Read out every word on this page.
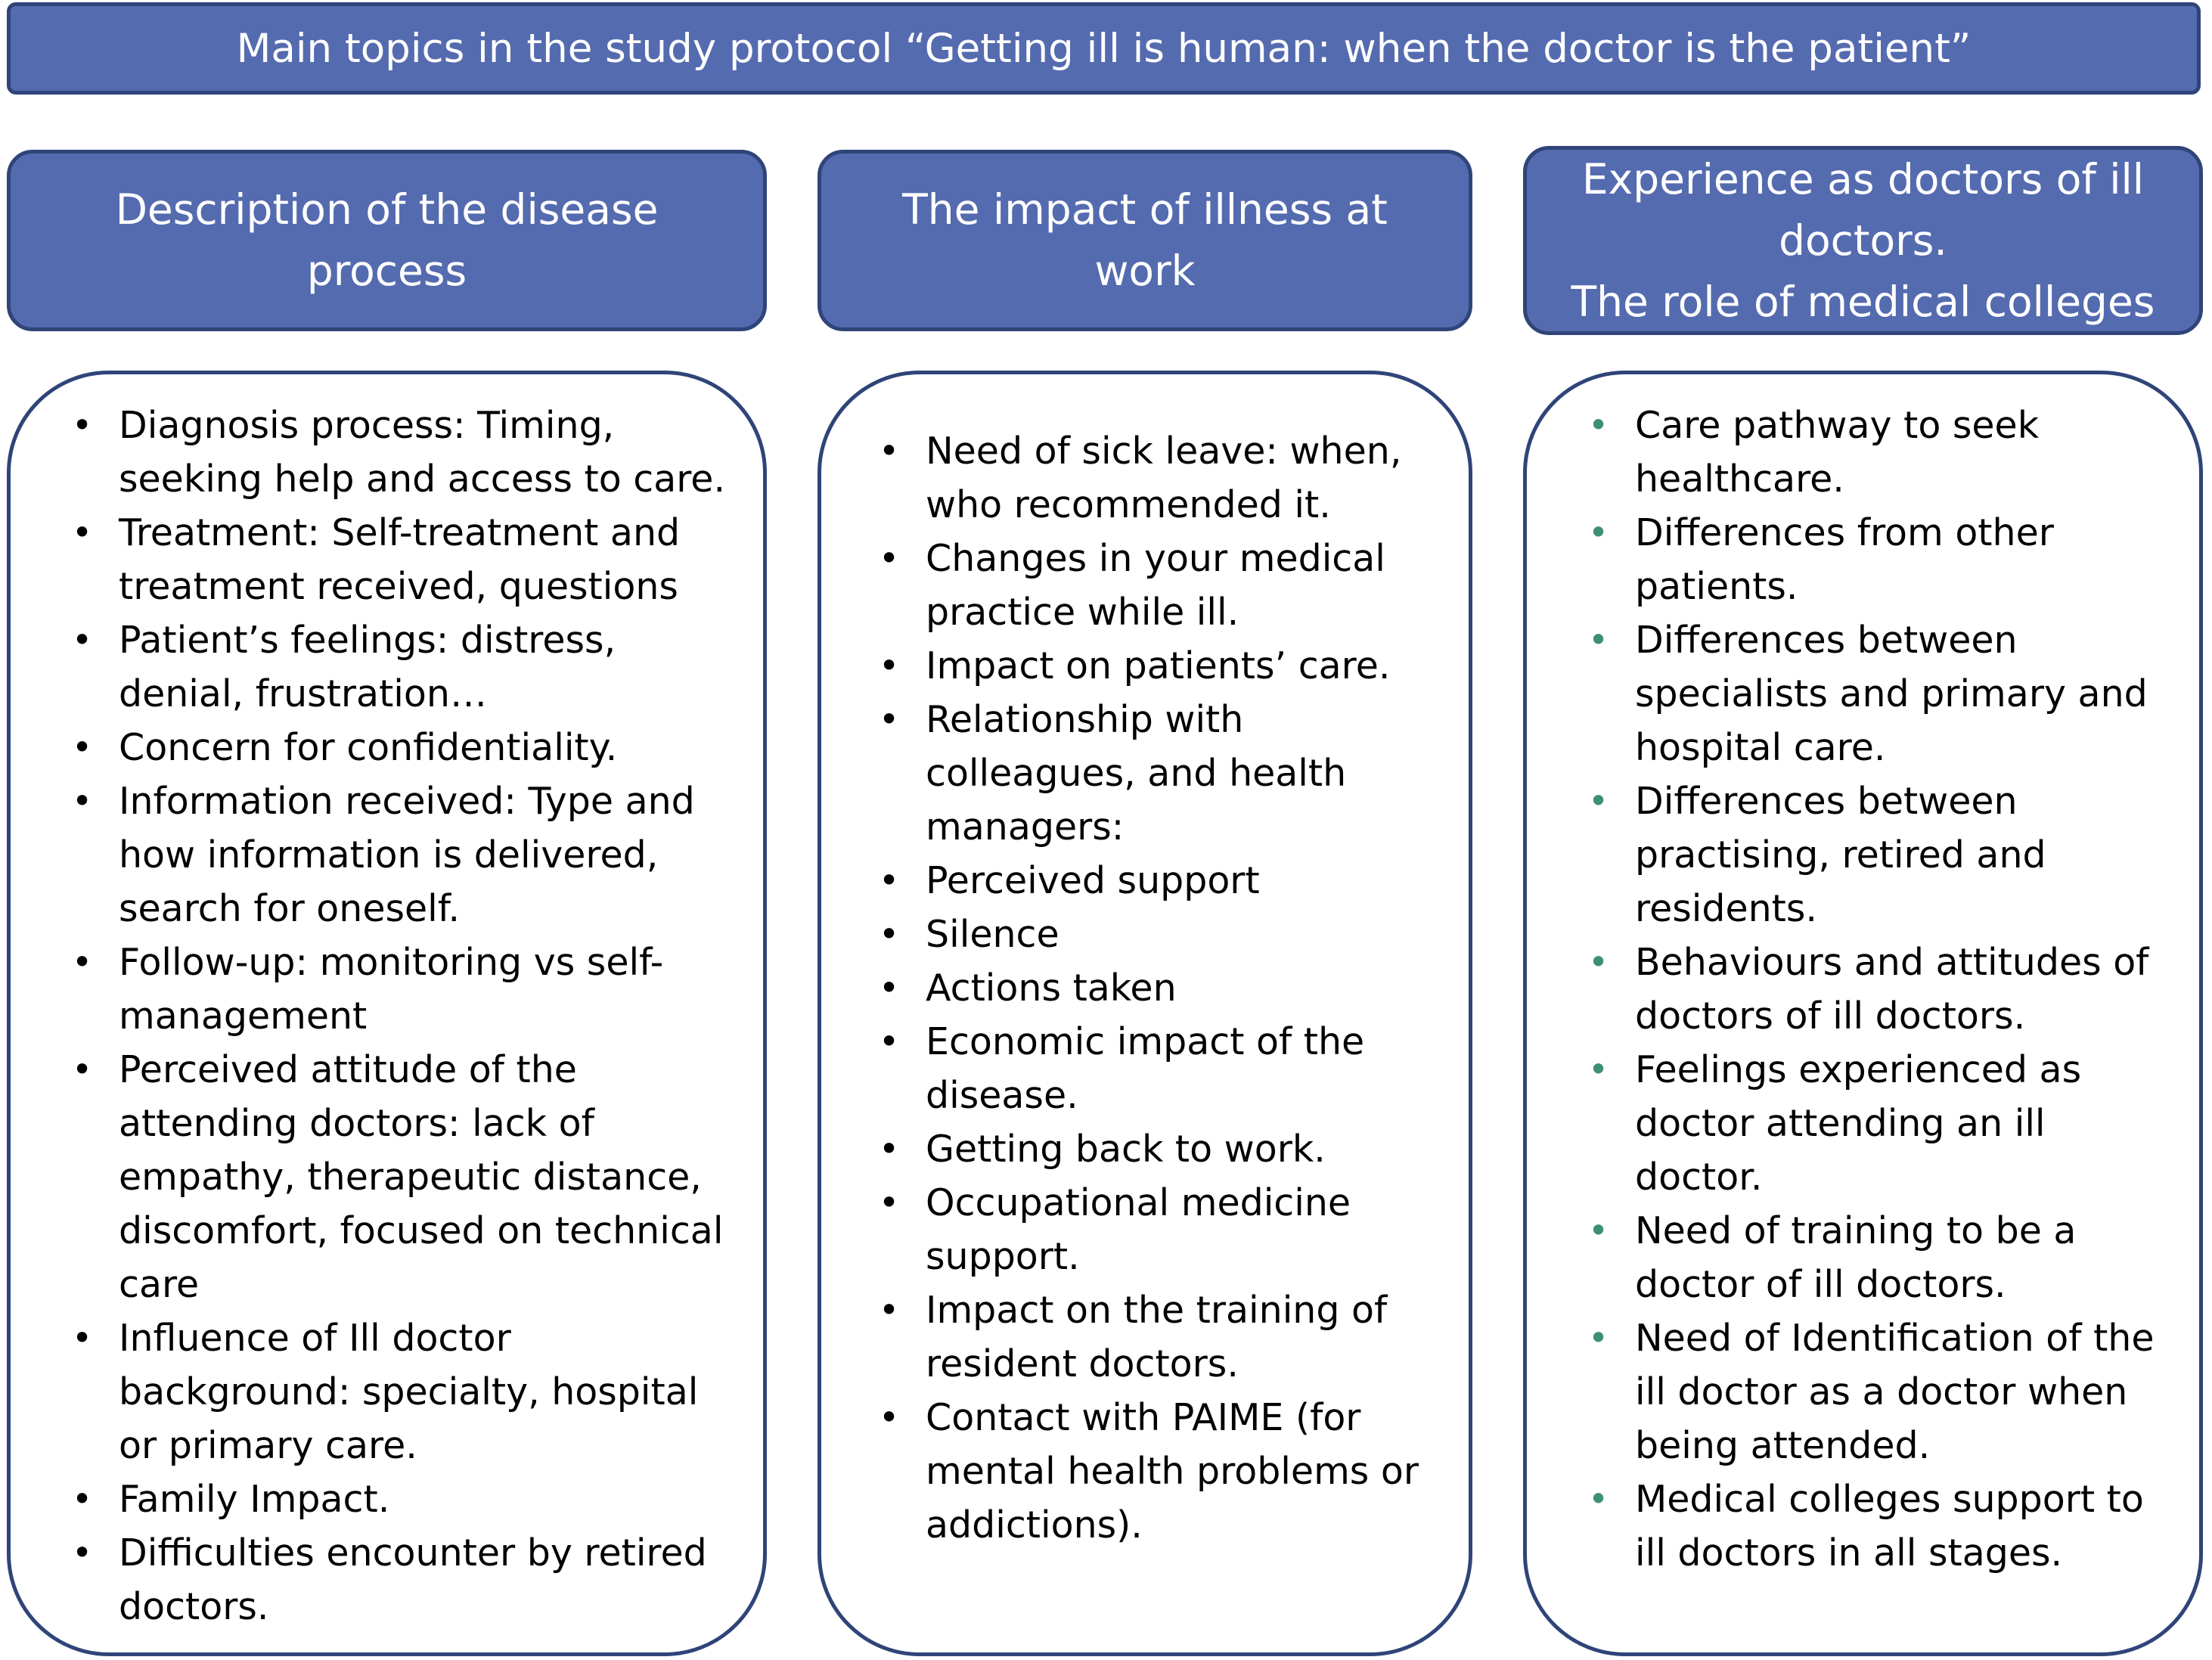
Main topics in the study protocol “Getting ill is human: when the doctor is the patient”
Description of the disease
process
The impact of illness at
work
Experience as doctors of ill
doctors.
The role of medical colleges
• Diagnosis process: Timing,
seeking help and access to care.
• Treatment: Self-treatment and
treatment received, questions
• Patient’s feelings: distress,
denial, frustration…
• Concern for confidentiality.
• Information received: Type and
how information is delivered,
search for oneself.
• Follow-up: monitoring vs self-
management
• Perceived attitude of the
attending doctors: lack of
empathy, therapeutic distance,
discomfort, focused on technical
care
• Influence of Ill doctor
background: specialty, hospital
or primary care.
• Family Impact.
• Difficulties encounter by retired
doctors.
• Need of sick leave: when,
who recommended it.
• Changes in your medical
practice while ill.
• Impact on patients’ care.
• Relationship with
colleagues, and health
managers:
• Perceived support
• Silence
• Actions taken
• Economic impact of the
disease.
• Getting back to work.
• Occupational medicine
support.
• Impact on the training of
resident doctors.
• Contact with PAIME (for
mental health problems or
addictions).
• Care pathway to seek
healthcare.
• Differences from other
patients.
• Differences between
specialists and primary and
hospital care.
• Differences between
practising, retired and
residents.
• Behaviours and attitudes of
doctors of ill doctors.
• Feelings experienced as
doctor attending an ill
doctor.
• Need of training to be a
doctor of ill doctors.
• Need of Identification of the
ill doctor as a doctor when
being attended.
• Medical colleges support to
ill doctors in all stages.
